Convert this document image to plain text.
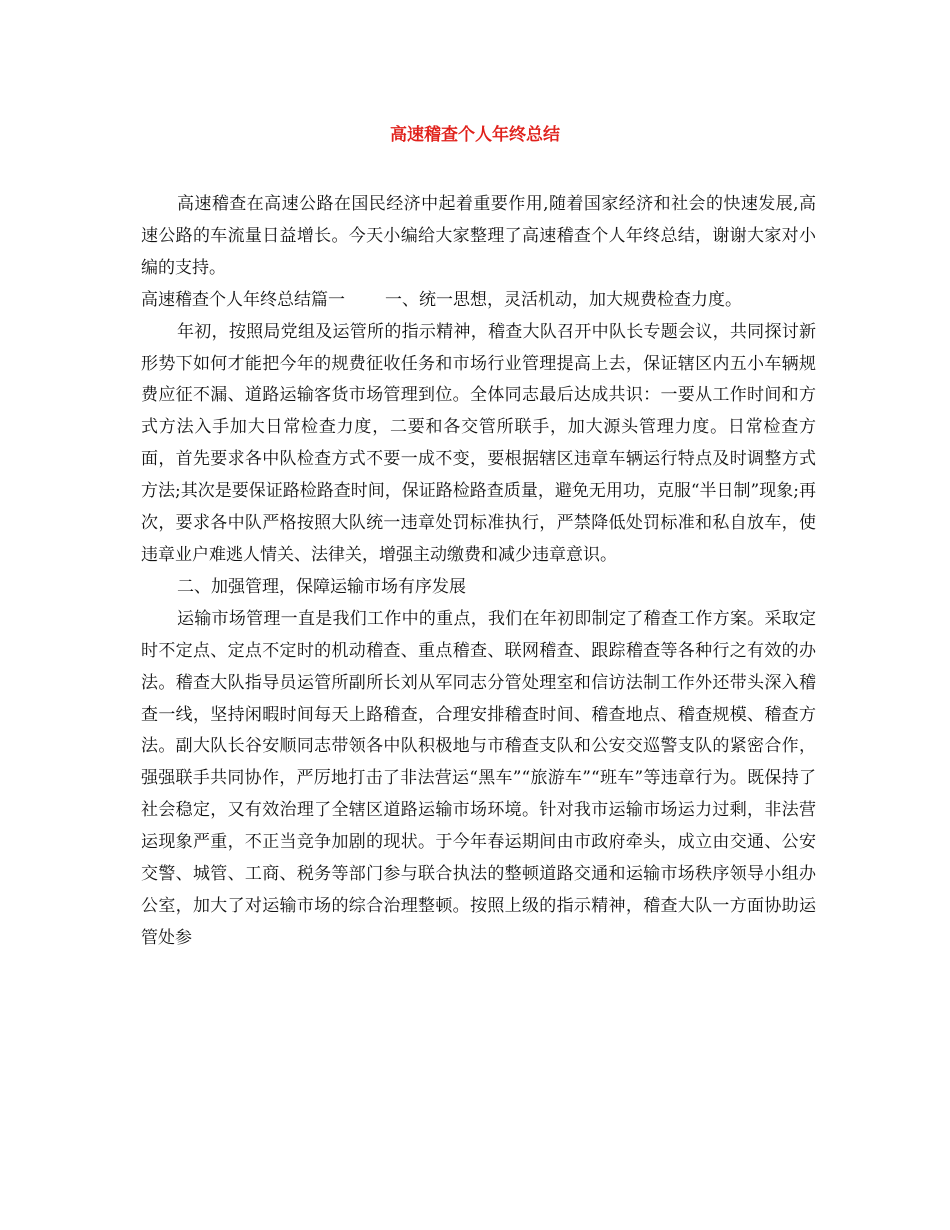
高速稽查个人年终总结

高速稽查在高速公路在国民经济中起着重要作用,随着国家经济和社会的快速发展,高速公路的车流量日益增长。今天小编给大家整理了高速稽查个人年终总结，谢谢大家对小编的支持。

高速稽查个人年终总结篇一 一、统一思想，灵活机动，加大规费检查力度。

年初，按照局党组及运管所的指示精神，稽查大队召开中队长专题会议，共同探讨新形势下如何才能把今年的规费征收任务和市场行业管理提高上去，保证辖区内五小车辆规费应征不漏、道路运输客货市场管理到位。全体同志最后达成共识：一要从工作时间和方式方法入手加大日常检查力度，二要和各交管所联手，加大源头管理力度。日常检查方面，首先要求各中队检查方式不要一成不变，要根据辖区违章车辆运行特点及时调整方式方法;其次是要保证路检路查时间，保证路检路查质量，避免无用功，克服“半日制”现象;再次，要求各中队严格按照大队统一违章处罚标准执行，严禁降低处罚标准和私自放车，使违章业户难逃人情关、法律关，增强主动缴费和减少违章意识。

二、加强管理，保障运输市场有序发展

运输市场管理一直是我们工作中的重点，我们在年初即制定了稽查工作方案。采取定时不定点、定点不定时的机动稽查、重点稽查、联网稽查、跟踪稽查等各种行之有效的办法。稽查大队指导员运管所副所长刘从军同志分管处理室和信访法制工作外还带头深入稽查一线，坚持闲暇时间每天上路稽查，合理安排稽查时间、稽查地点、稽查规模、稽查方法。副大队长谷安顺同志带领各中队积极地与市稽查支队和公安交巡警支队的紧密合作，强强联手共同协作，严厉地打击了非法营运“黑车”“旅游车”“班车”等违章行为。既保持了社会稳定，又有效治理了全辖区道路运输市场环境。针对我市运输市场运力过剩，非法营运现象严重，不正当竞争加剧的现状。于今年春运期间由市政府牵头，成立由交通、公安交警、城管、工商、税务等部门参与联合执法的整顿道路交通和运输市场秩序领导小组办公室，加大了对运输市场的综合治理整顿。按照上级的指示精神，稽查大队一方面协助运管处参
